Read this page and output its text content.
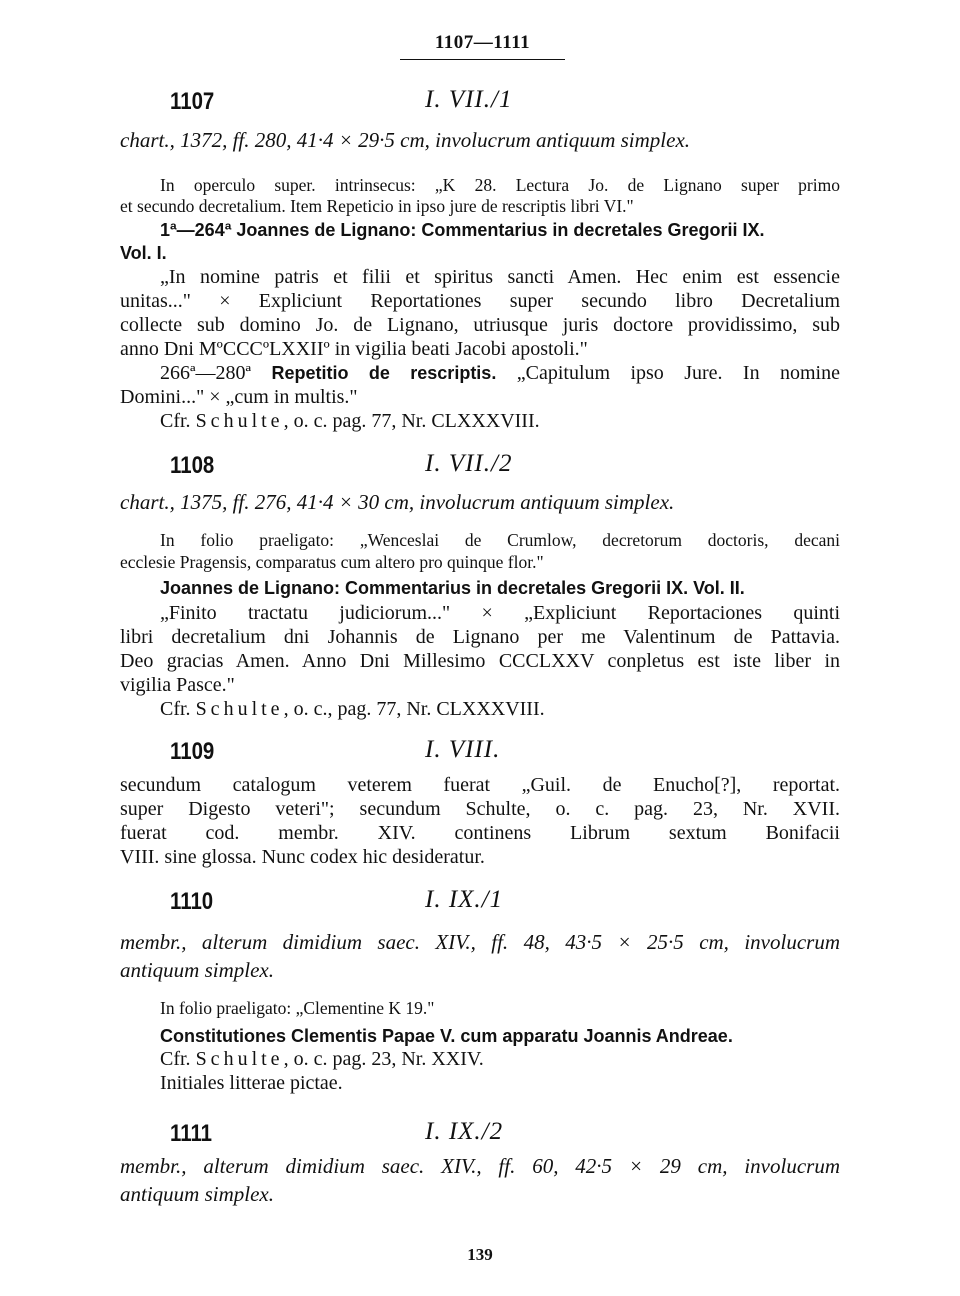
1107—1111
1107	I. VII./1
chart., 1372, ff. 280, 41·4 × 29·5 cm, involucrum antiquum simplex.
In operculo super. intrinsecus: „K 28. Lectura Jo. de Lignano super primo
et secundo decretalium. Item Repeticio in ipso jure de rescriptis libri VI."
1ª—264ª Joannes de Lignano: Commentarius in decretales Gregorii IX.
Vol. I.
„In nomine patris et filii et spiritus sancti Amen. Hec enim est essencie
unitas..." × Expliciunt Reportationes super secundo libro Decretalium
collecte sub domino Jo. de Lignano, utriusque juris doctore providissimo, sub
anno Dni MºCCCºLXXIIº in vigilia beati Jacobi apostoli."
266ª—280ª Repetitio de rescriptis. „Capitulum ipso Jure. In nomine
Domini..." × „cum in multis."
Cfr. Schulte, o. c. pag. 77, Nr. CLXXXVIII.
1108	I. VII./2
chart., 1375, ff. 276, 41·4 × 30 cm, involucrum antiquum simplex.
In folio praeligato: „Wenceslai de Crumlow, decretorum doctoris, decani
ecclesie Pragensis, comparatus cum altero pro quinque flor."
Joannes de Lignano: Commentarius in decretales Gregorii IX. Vol. II.
„Finito tractatu judiciorum..." × „Expliciunt Reportaciones quinti
libri decretalium dni Johannis de Lignano per me Valentinum de Pattavia.
Deo gracias Amen. Anno Dni Millesimo CCCLXXV conpletus est iste liber in
vigilia Pasce."
Cfr. Schulte, o. c., pag. 77, Nr. CLXXXVIII.
1109	I. VIII.
secundum catalogum veterem fuerat „Guil. de Enucho[?], reportat.
super Digesto veteri"; secundum Schulte, o. c. pag. 23, Nr. XVII.
fuerat cod. membr. XIV. continens Librum sextum Bonifacii
VIII. sine glossa. Nunc codex hic desideratur.
1110	I. IX./1
membr., alterum dimidium saec. XIV., ff. 48, 43·5 × 25·5 cm, involucrum
antiquum simplex.
In folio praeligato: „Clementine K 19."
Constitutiones Clementis Papae V. cum apparatu Joannis Andreae.
Cfr. Schulte, o. c. pag. 23, Nr. XXIV.
Initiales litterae pictae.
1111	I. IX./2
membr., alterum dimidium saec. XIV., ff. 60, 42·5 × 29 cm, involucrum
antiquum simplex.
139
